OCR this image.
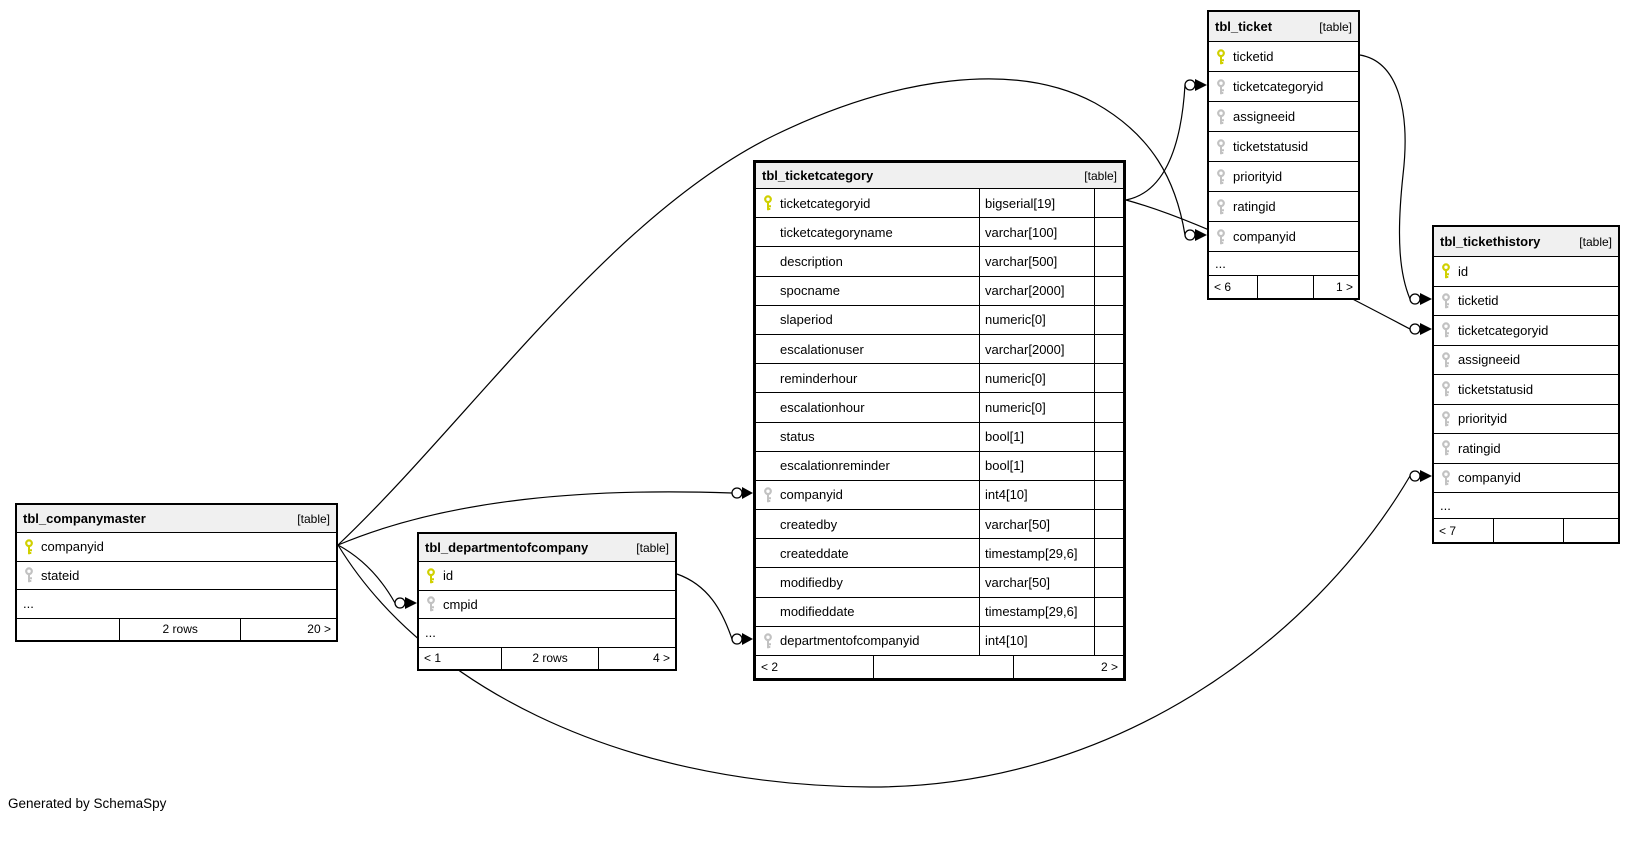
tbl_companymaster	[table]
companyid
stateid
...
2 rows	20 >
tbl_departmentofcompany	[table]
id
cmpid
...
< 1	2 rows	4 >
tbl_ticketcategory	[table]
ticketcategoryid	bigserial[19]
ticketcategoryname	varchar[100]
description	varchar[500]
spocname	varchar[2000]
slaperiod	numeric[0]
escalationuser	varchar[2000]
reminderhour	numeric[0]
escalationhour	numeric[0]
status	bool[1]
escalationreminder	bool[1]
companyid	int4[10]
createdby	varchar[50]
createddate	timestamp[29,6]
modifiedby	varchar[50]
modifieddate	timestamp[29,6]
departmentofcompanyid	int4[10]
< 2	2 >
tbl_ticket	[table]
ticketid
ticketcategoryid
assigneeid
ticketstatusid
priorityid
ratingid
companyid
...
< 6	1 >
tbl_tickethistory	[table]
id
ticketid
ticketcategoryid
assigneeid
ticketstatusid
priorityid
ratingid
companyid
...
< 7
Generated by SchemaSpy
